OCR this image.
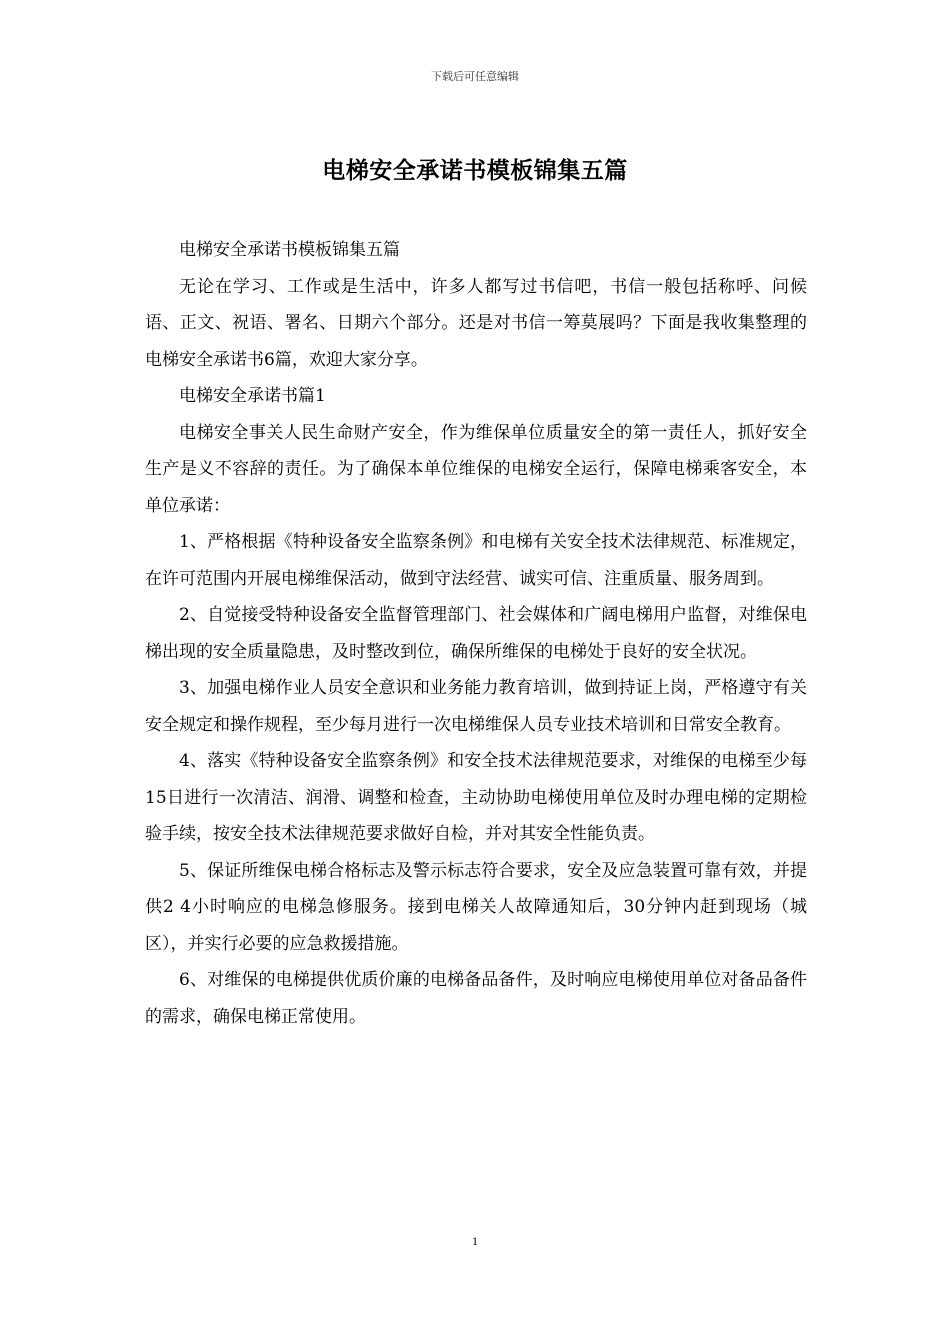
下载后可任意编辑
电梯安全承诺书模板锦集五篇

电梯安全承诺书模板锦集五篇

无论在学习、工作或是生活中，许多人都写过书信吧，书信一般包括称呼、问候语、正文、祝语、署名、日期六个部分。还是对书信一筹莫展吗？下面是我收集整理的电梯安全承诺书6篇，欢迎大家分享。

电梯安全承诺书篇1

电梯安全事关人民生命财产安全，作为维保单位质量安全的第一责任人，抓好安全生产是义不容辞的责任。为了确保本单位维保的电梯安全运行，保障电梯乘客安全，本单位承诺：

1、严格根据《特种设备安全监察条例》和电梯有关安全技术法律规范、标准规定，在许可范围内开展电梯维保活动，做到守法经营、诚实可信、注重质量、服务周到。

2、自觉接受特种设备安全监督管理部门、社会媒体和广阔电梯用户监督，对维保电梯出现的安全质量隐患，及时整改到位，确保所维保的电梯处于良好的安全状况。

3、加强电梯作业人员安全意识和业务能力教育培训，做到持证上岗，严格遵守有关安全规定和操作规程，至少每月进行一次电梯维保人员专业技术培训和日常安全教育。

4、落实《特种设备安全监察条例》和安全技术法律规范要求，对维保的电梯至少每15日进行一次清洁、润滑、调整和检查，主动协助电梯使用单位及时办理电梯的定期检验手续，按安全技术法律规范要求做好自检，并对其安全性能负责。

5、保证所维保电梯合格标志及警示标志符合要求，安全及应急装置可靠有效，并提供2 4小时响应的电梯急修服务。接到电梯关人故障通知后，30分钟内赶到现场（城区），并实行必要的应急救援措施。

6、对维保的电梯提供优质价廉的电梯备品备件，及时响应电梯使用单位对备品备件的需求，确保电梯正常使用。

1
